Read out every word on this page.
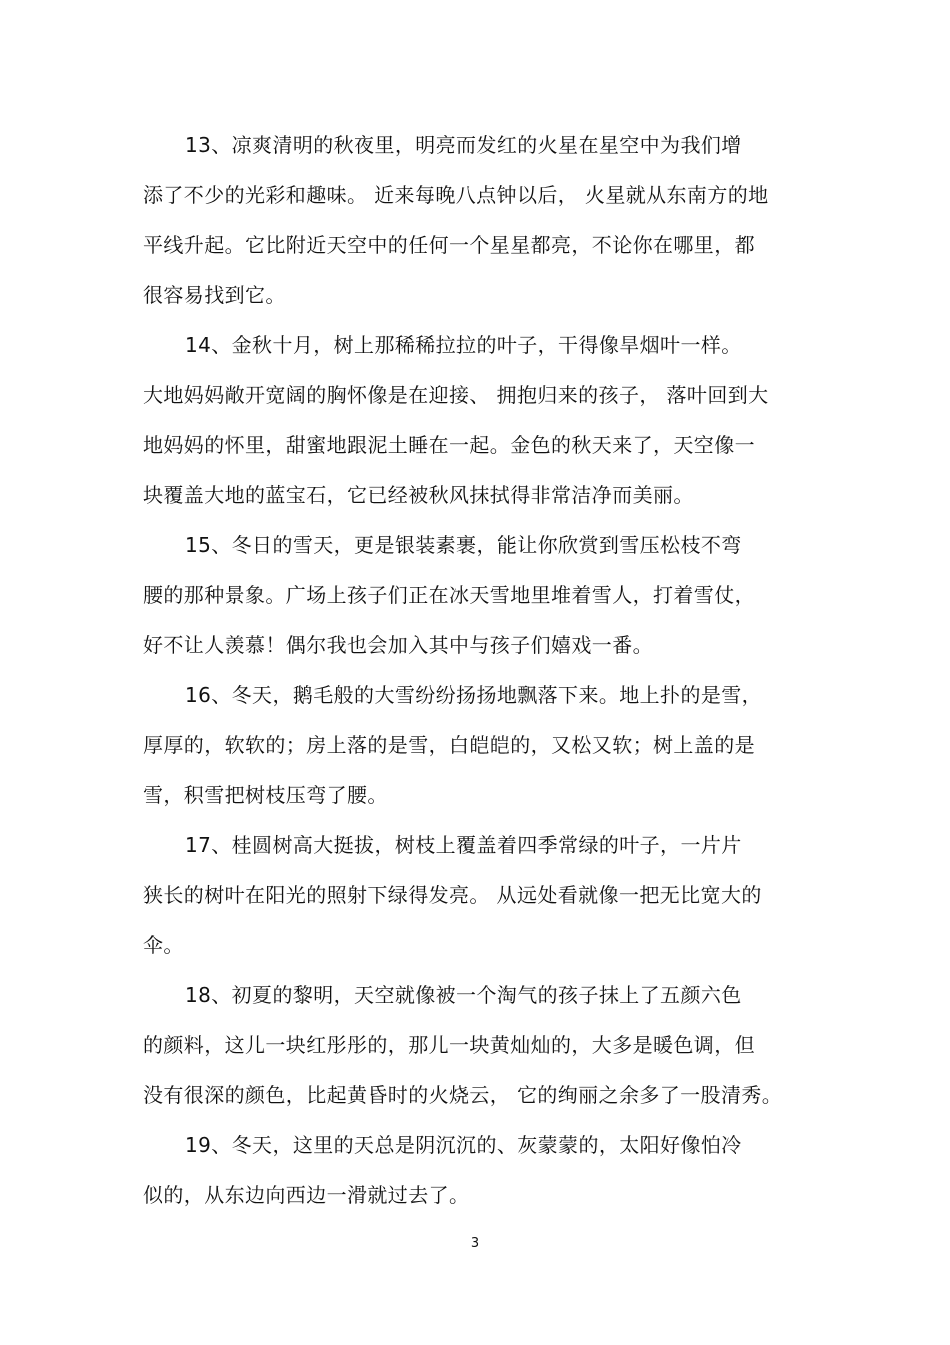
13、凉爽清明的秋夜里，明亮而发红的火星在星空中为我们增
添了不少的光彩和趣味。 近来每晚八点钟以后， 火星就从东南方的地
平线升起。它比附近天空中的任何一个星星都亮，不论你在哪里，都
很容易找到它。
14、金秋十月，树上那稀稀拉拉的叶子，干得像旱烟叶一样。
大地妈妈敞开宽阔的胸怀像是在迎接、 拥抱归来的孩子， 落叶回到大
地妈妈的怀里，甜蜜地跟泥土睡在一起。金色的秋天来了，天空像一
块覆盖大地的蓝宝石，它已经被秋风抹拭得非常洁净而美丽。
15、冬日的雪天，更是银装素裹，能让你欣赏到雪压松枝不弯
腰的那种景象。广场上孩子们正在冰天雪地里堆着雪人，打着雪仗，
好不让人羡慕！偶尔我也会加入其中与孩子们嬉戏一番。
16、冬天，鹅毛般的大雪纷纷扬扬地飘落下来。地上扑的是雪，
厚厚的，软软的；房上落的是雪，白皑皑的，又松又软；树上盖的是
雪，积雪把树枝压弯了腰。
17、桂圆树高大挺拔，树枝上覆盖着四季常绿的叶子，一片片
狭长的树叶在阳光的照射下绿得发亮。 从远处看就像一把无比宽大的
伞。
18、初夏的黎明，天空就像被一个淘气的孩子抹上了五颜六色
的颜料，这儿一块红彤彤的，那儿一块黄灿灿的，大多是暖色调，但
没有很深的颜色，比起黄昏时的火烧云， 它的绚丽之余多了一股清秀。
19、冬天，这里的天总是阴沉沉的、灰蒙蒙的，太阳好像怕冷
似的，从东边向西边一滑就过去了。
3
